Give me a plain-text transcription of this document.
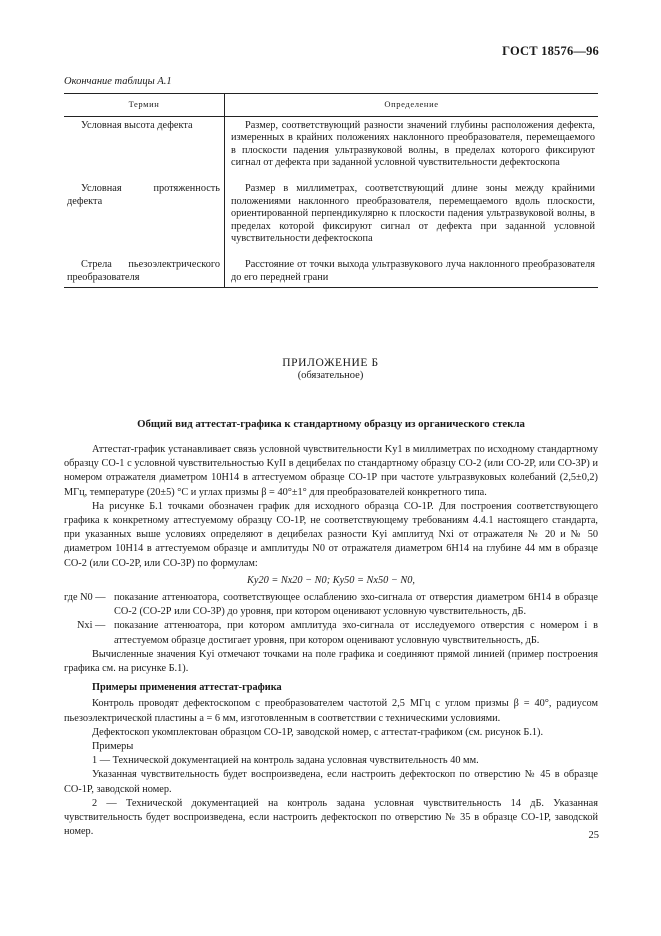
ГОСТ 18576—96
Окончание таблицы А.1
Термин	Определение
Условная высота дефекта	Размер, соответствующий разности значений глубины расположения дефекта, измеренных в крайних положениях наклонного преобразователя, перемещаемого в плоскости падения ультразвуковой волны, в пределах которого фиксируют сигнал от дефекта при заданной условной чувствительности дефектоскопа
Условная протяженность дефекта	Размер в миллиметрах, соответствующий длине зоны между крайними положениями наклонного преобразователя, перемещаемого вдоль плоскости, ориентированной перпендикулярно к плоскости падения ультразвуковой волны, в пределах которой фиксируют сигнал от дефекта при заданной условной чувствительности дефектоскопа
Стрела пьезоэлектрического преобразователя	Расстояние от точки выхода ультразвукового луча наклонного преобразователя до его передней грани
ПРИЛОЖЕНИЕ Б
(обязательное)
Общий вид аттестат-графика к стандартному образцу из органического стекла

Аттестат-график устанавливает связь условной чувствительности Kу1 в миллиметрах по исходному стандартному образцу СО-1 с условной чувствительностью KуII в децибелах по стандартному образцу СО-2 (или СО-2Р, или СО-3Р) и номером отражателя диаметром 10Н14 в аттестуемом образце СО-1Р при частоте ультразвуковых колебаний (2,5±0,2) МГц, температуре (20±5) °С и углах призмы β = 40°±1° для преобразователей конкретного типа.

На рисунке Б.1 точками обозначен график для исходного образца СО-1Р. Для построения соответствующего графика к конкретному аттестуемому образцу СО-1Р, не соответствующему требованиям 4.4.1 настоящего стандарта, при указанных выше условиях определяют в децибелах разности Kуi амплитуд Nxi от отражателя № 20 и № 50 диаметром 10Н14 в аттестуемом образце и амплитуды N0 от отражателя диаметром 6Н14 на глубине 44 мм в образце СО-2 (или СО-2Р, или СО-3Р) по формулам:

Kу20 = Nx20 − N0; Kу50 = Nx50 − N0,

где N0 — показание аттенюатора, соответствующее ослаблению эхо-сигнала от отверстия диаметром 6Н14 в образце СО-2 (СО-2Р или СО-3Р) до уровня, при котором оценивают условную чувствительность, дБ.

Nxi — показание аттенюатора, при котором амплитуда эхо-сигнала от исследуемого отверстия с номером i в аттестуемом образце достигает уровня, при котором оценивают условную чувствительность, дБ.

Вычисленные значения Kуi отмечают точками на поле графика и соединяют прямой линией (пример построения графика см. на рисунке Б.1).

Примеры применения аттестат-графика

Контроль проводят дефектоскопом с преобразователем частотой 2,5 МГц с углом призмы β = 40°, радиусом пьезоэлектрической пластины a = 6 мм, изготовленным в соответствии с техническими условиями.

Дефектоскоп укомплектован образцом СО-1Р, заводской номер, с аттестат-графиком (см. рисунок Б.1).

Примеры

1 — Технической документацией на контроль задана условная чувствительность 40 мм.

Указанная чувствительность будет воспроизведена, если настроить дефектоскоп по отверстию № 45 в образце СО-1Р, заводской номер.

2 — Технической документацией на контроль задана условная чувствительность 14 дБ. Указанная чувствительность будет воспроизведена, если настроить дефектоскоп по отверстию № 35 в образце СО-1Р, заводской номер.	25
